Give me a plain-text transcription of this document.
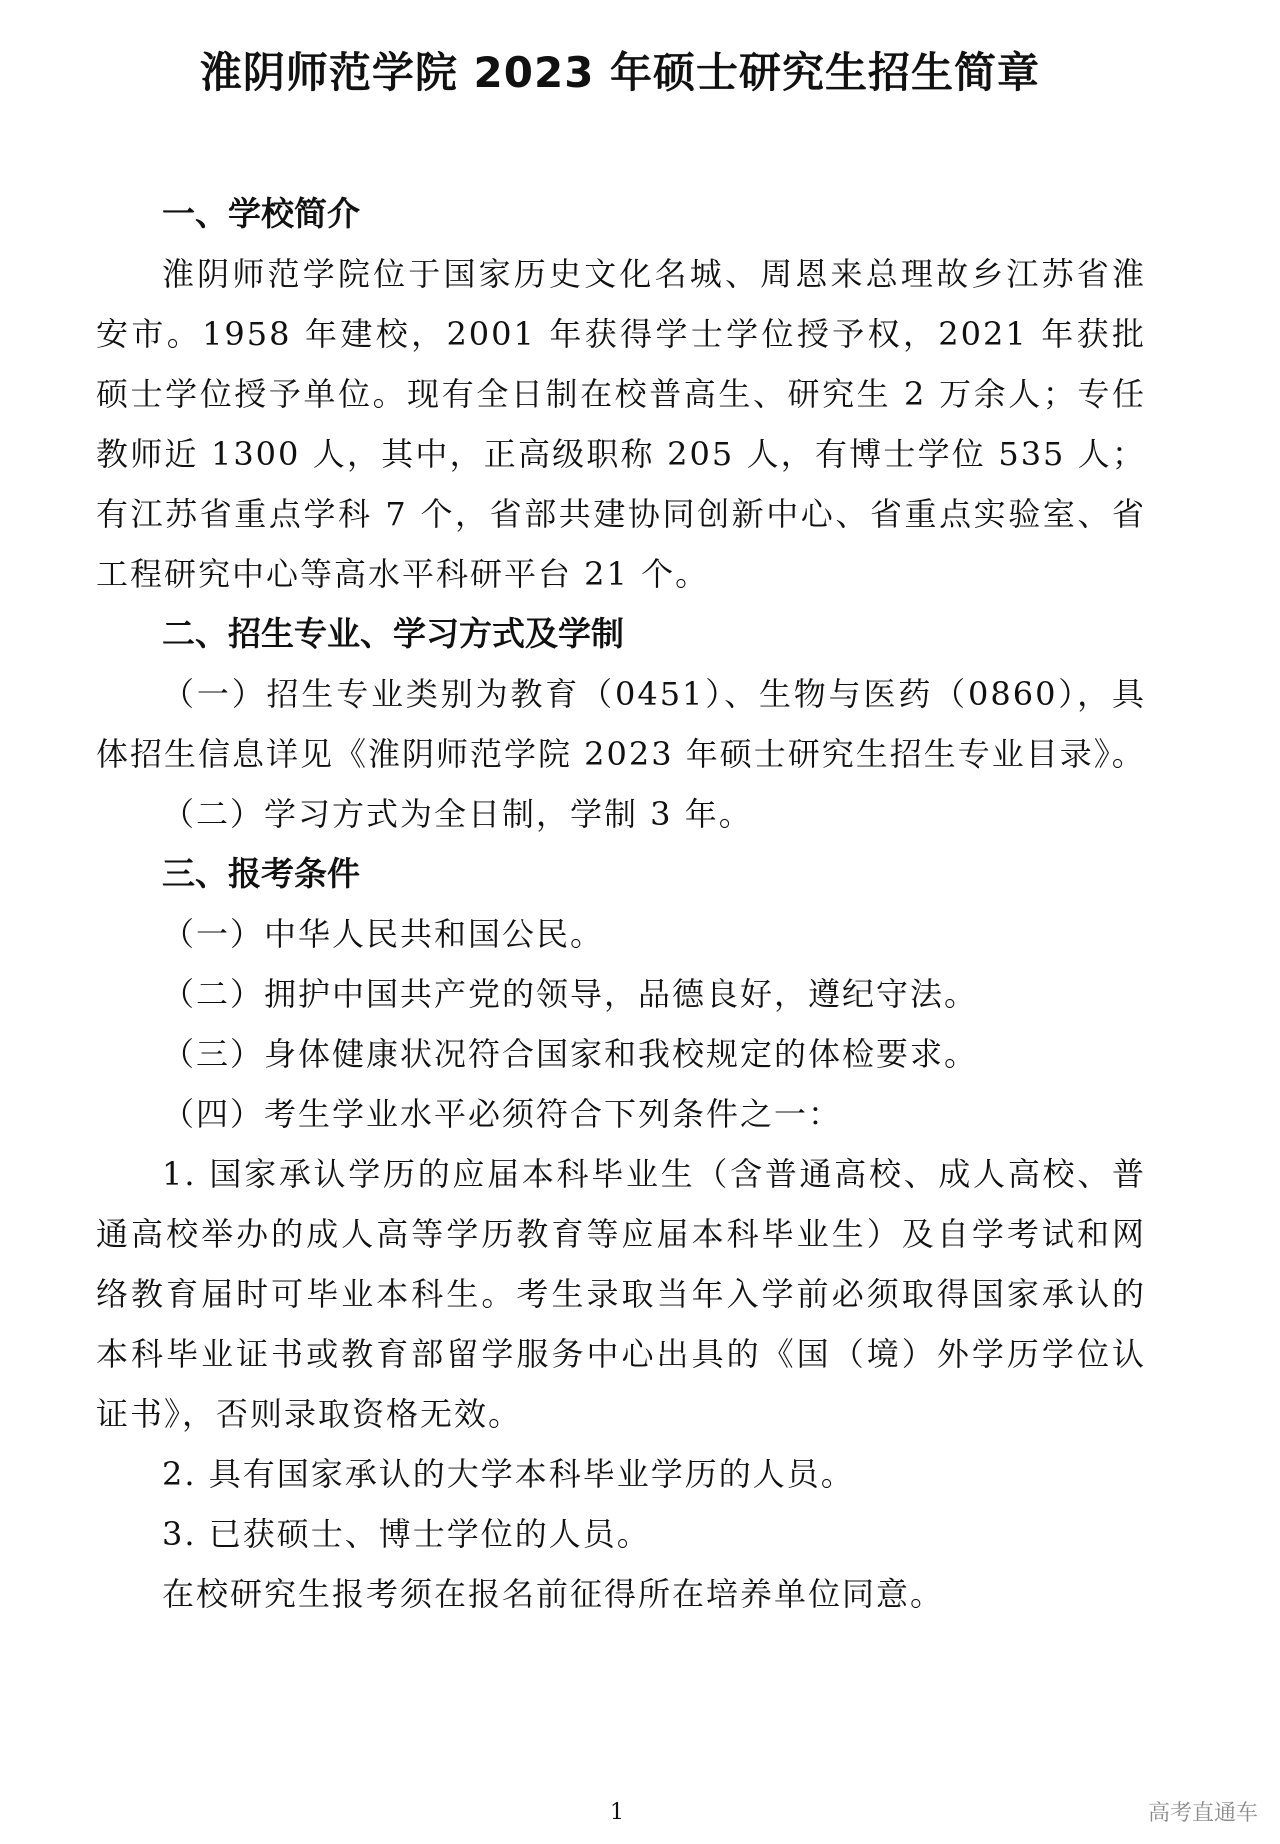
淮阴师范学院 2023 年硕士研究生招生简章
一、学校简介

淮阴师范学院位于国家历史文化名城、周恩来总理故乡江苏省淮安市。1958 年建校，2001 年获得学士学位授予权，2021 年获批硕士学位授予单位。现有全日制在校普高生、研究生 2 万余人；专任教师近 1300 人，其中，正高级职称 205 人，有博士学位 535 人；有江苏省重点学科 7 个，省部共建协同创新中心、省重点实验室、省工程研究中心等高水平科研平台 21 个。

二、招生专业、学习方式及学制

（一）招生专业类别为教育（0451）、生物与医药（0860），具体招生信息详见《淮阴师范学院 2023 年硕士研究生招生专业目录》。

（二）学习方式为全日制，学制 3 年。

三、报考条件

（一）中华人民共和国公民。

（二）拥护中国共产党的领导，品德良好，遵纪守法。

（三）身体健康状况符合国家和我校规定的体检要求。

（四）考生学业水平必须符合下列条件之一：

1. 国家承认学历的应届本科毕业生（含普通高校、成人高校、普通高校举办的成人高等学历教育等应届本科毕业生）及自学考试和网络教育届时可毕业本科生。考生录取当年入学前必须取得国家承认的本科毕业证书或教育部留学服务中心出具的《国（境）外学历学位认证书》，否则录取资格无效。

2. 具有国家承认的大学本科毕业学历的人员。

3. 已获硕士、博士学位的人员。

在校研究生报考须在报名前征得所在培养单位同意。

1	高考直通车
